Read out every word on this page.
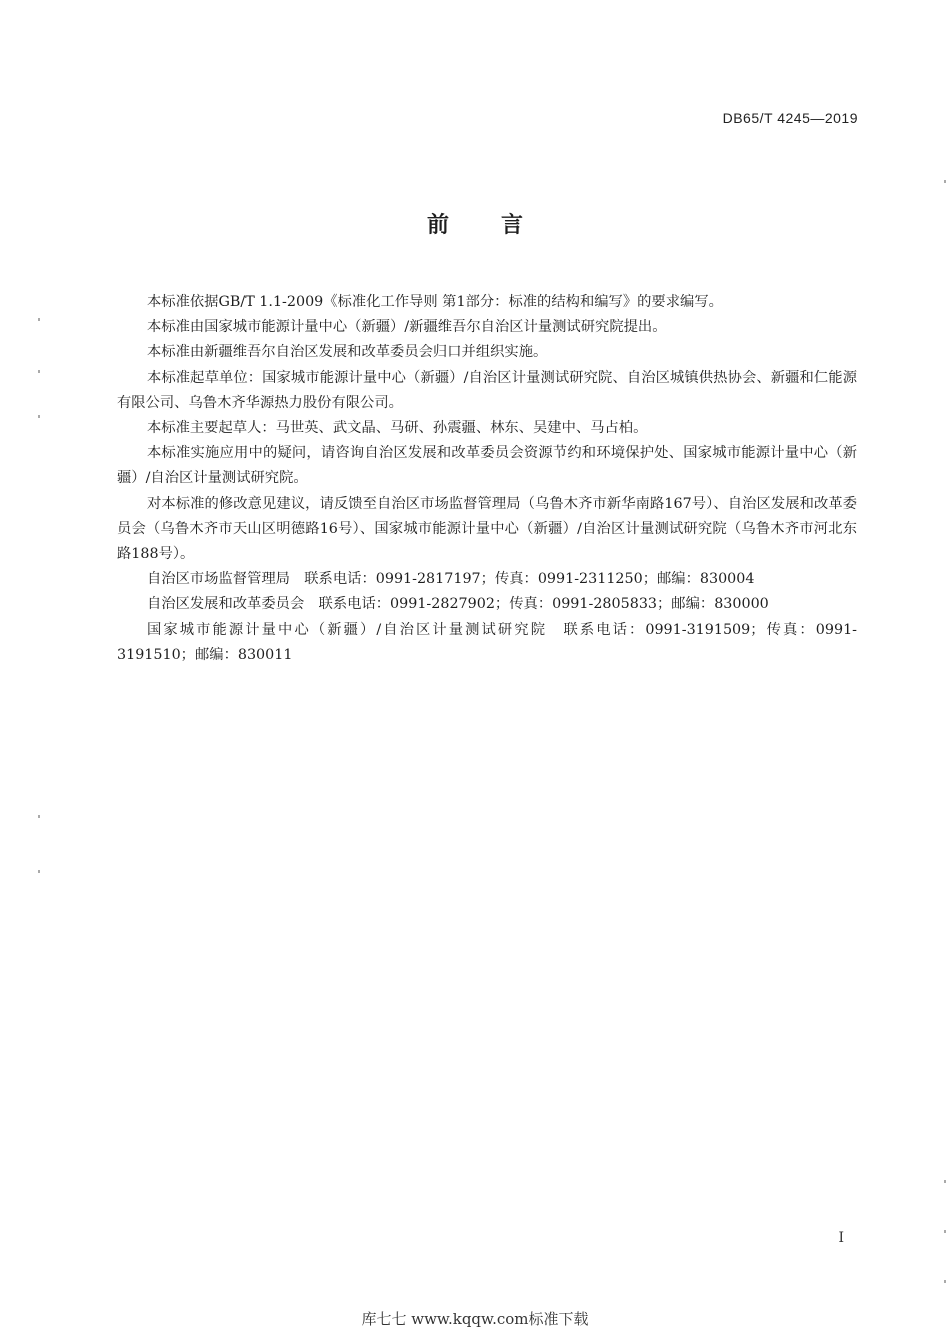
DB65/T 4245—2019
前言

本标准依据GB/T 1.1-2009《标准化工作导则 第1部分：标准的结构和编写》的要求编写。

本标准由国家城市能源计量中心（新疆）/新疆维吾尔自治区计量测试研究院提出。

本标准由新疆维吾尔自治区发展和改革委员会归口并组织实施。

本标准起草单位：国家城市能源计量中心（新疆）/自治区计量测试研究院、自治区城镇供热协会、新疆和仁能源有限公司、乌鲁木齐华源热力股份有限公司。

本标准主要起草人：马世英、武文晶、马研、孙震疆、林东、吴建中、马占柏。

本标准实施应用中的疑问，请咨询自治区发展和改革委员会资源节约和环境保护处、国家城市能源计量中心（新疆）/自治区计量测试研究院。

对本标准的修改意见建议，请反馈至自治区市场监督管理局（乌鲁木齐市新华南路167号）、自治区发展和改革委员会（乌鲁木齐市天山区明德路16号）、国家城市能源计量中心（新疆）/自治区计量测试研究院（乌鲁木齐市河北东路188号）。

自治区市场监督管理局　联系电话：0991-2817197；传真：0991-2311250；邮编：830004

自治区发展和改革委员会　联系电话：0991-2827902；传真：0991-2805833；邮编：830000

国家城市能源计量中心（新疆）/自治区计量测试研究院　联系电话：0991-3191509；传真：0991-3191510；邮编：830011

I
库七七 www.kqqw.com标准下载
